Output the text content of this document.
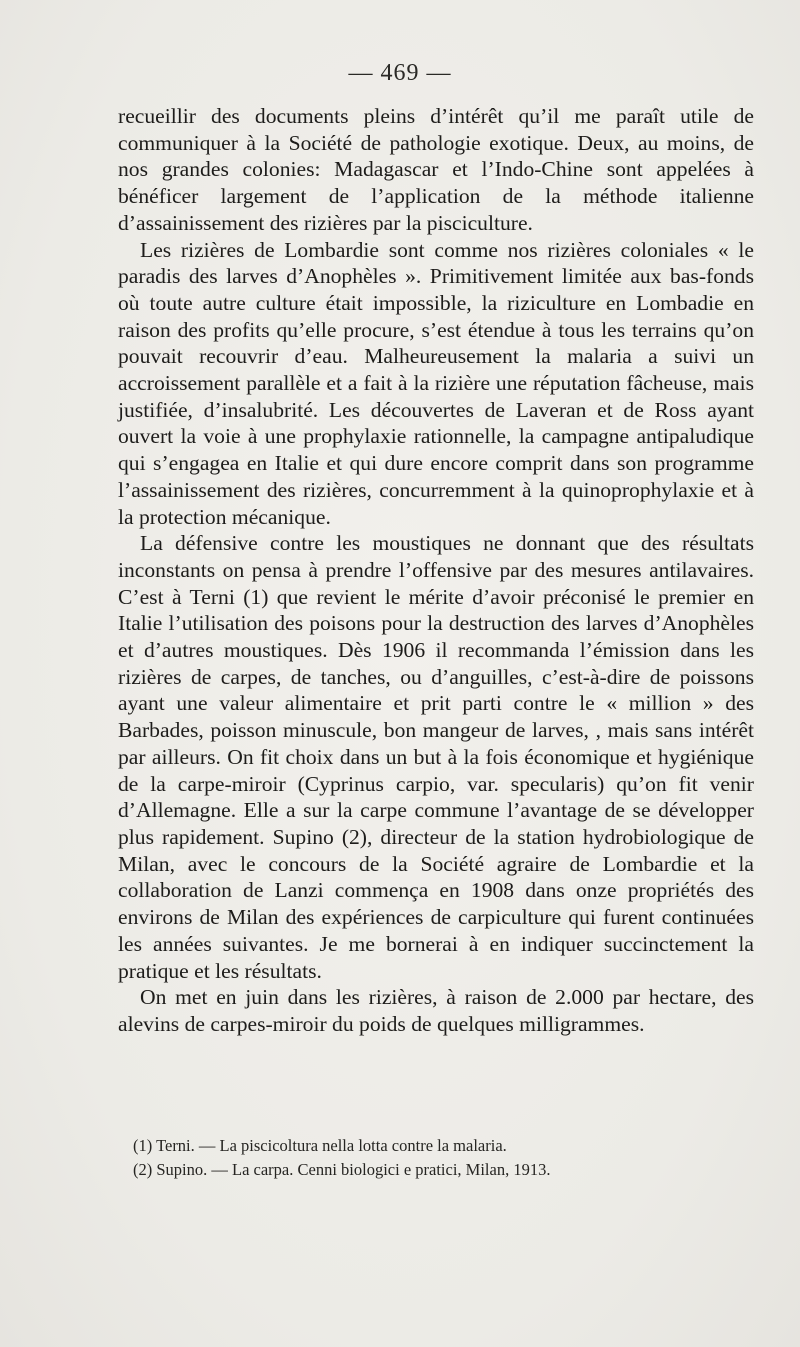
— 469 —

recueillir des documents pleins d’intérêt qu’il me paraît utile de communiquer à la Société de pathologie exotique. Deux, au moins, de nos grandes colonies: Madagascar et l’Indo-Chine sont appelées à bénéficer largement de l’application de la méthode italienne d’assainissement des rizières par la pisciculture.

Les rizières de Lombardie sont comme nos rizières coloniales « le paradis des larves d’Anophèles ». Primitivement limitée aux bas-fonds où toute autre culture était impossible, la riziculture en Lombadie en raison des profits qu’elle procure, s’est étendue à tous les terrains qu’on pouvait recouvrir d’eau. Malheureusement la malaria a suivi un accroissement parallèle et a fait à la rizière une réputation fâcheuse, mais justifiée, d’insalubrité. Les découvertes de Laveran et de Ross ayant ouvert la voie à une prophylaxie rationnelle, la campagne antipaludique qui s’engagea en Italie et qui dure encore comprit dans son programme l’assainissement des rizières, concurremment à la quinoprophylaxie et à la protection mécanique.

La défensive contre les moustiques ne donnant que des résultats inconstants on pensa à prendre l’offensive par des mesures antilavaires. C’est à Terni (1) que revient le mérite d’avoir préconisé le premier en Italie l’utilisation des poisons pour la destruction des larves d’Anophèles et d’autres moustiques. Dès 1906 il recommanda l’émission dans les rizières de carpes, de tanches, ou d’anguilles, c’est-à-dire de poissons ayant une valeur alimentaire et prit parti contre le « million » des Barbades, poisson minuscule, bon mangeur de larves, , mais sans intérêt par ailleurs. On fit choix dans un but à la fois économique et hygiénique de la carpe-miroir (Cyprinus carpio, var. specularis) qu’on fit venir d’Allemagne. Elle a sur la carpe commune l’avantage de se développer plus rapidement. Supino (2), directeur de la station hydrobiologique de Milan, avec le concours de la Société agraire de Lombardie et la collaboration de Lanzi commença en 1908 dans onze propriétés des environs de Milan des expériences de carpiculture qui furent continuées les années suivantes. Je me bornerai à en indiquer succinctement la pratique et les résultats.

On met en juin dans les rizières, à raison de 2.000 par hectare, des alevins de carpes-miroir du poids de quelques milligrammes.

(1) Terni. — La piscicoltura nella lotta contre la malaria.

(2) Supino. — La carpa. Cenni biologici e pratici, Milan, 1913.
